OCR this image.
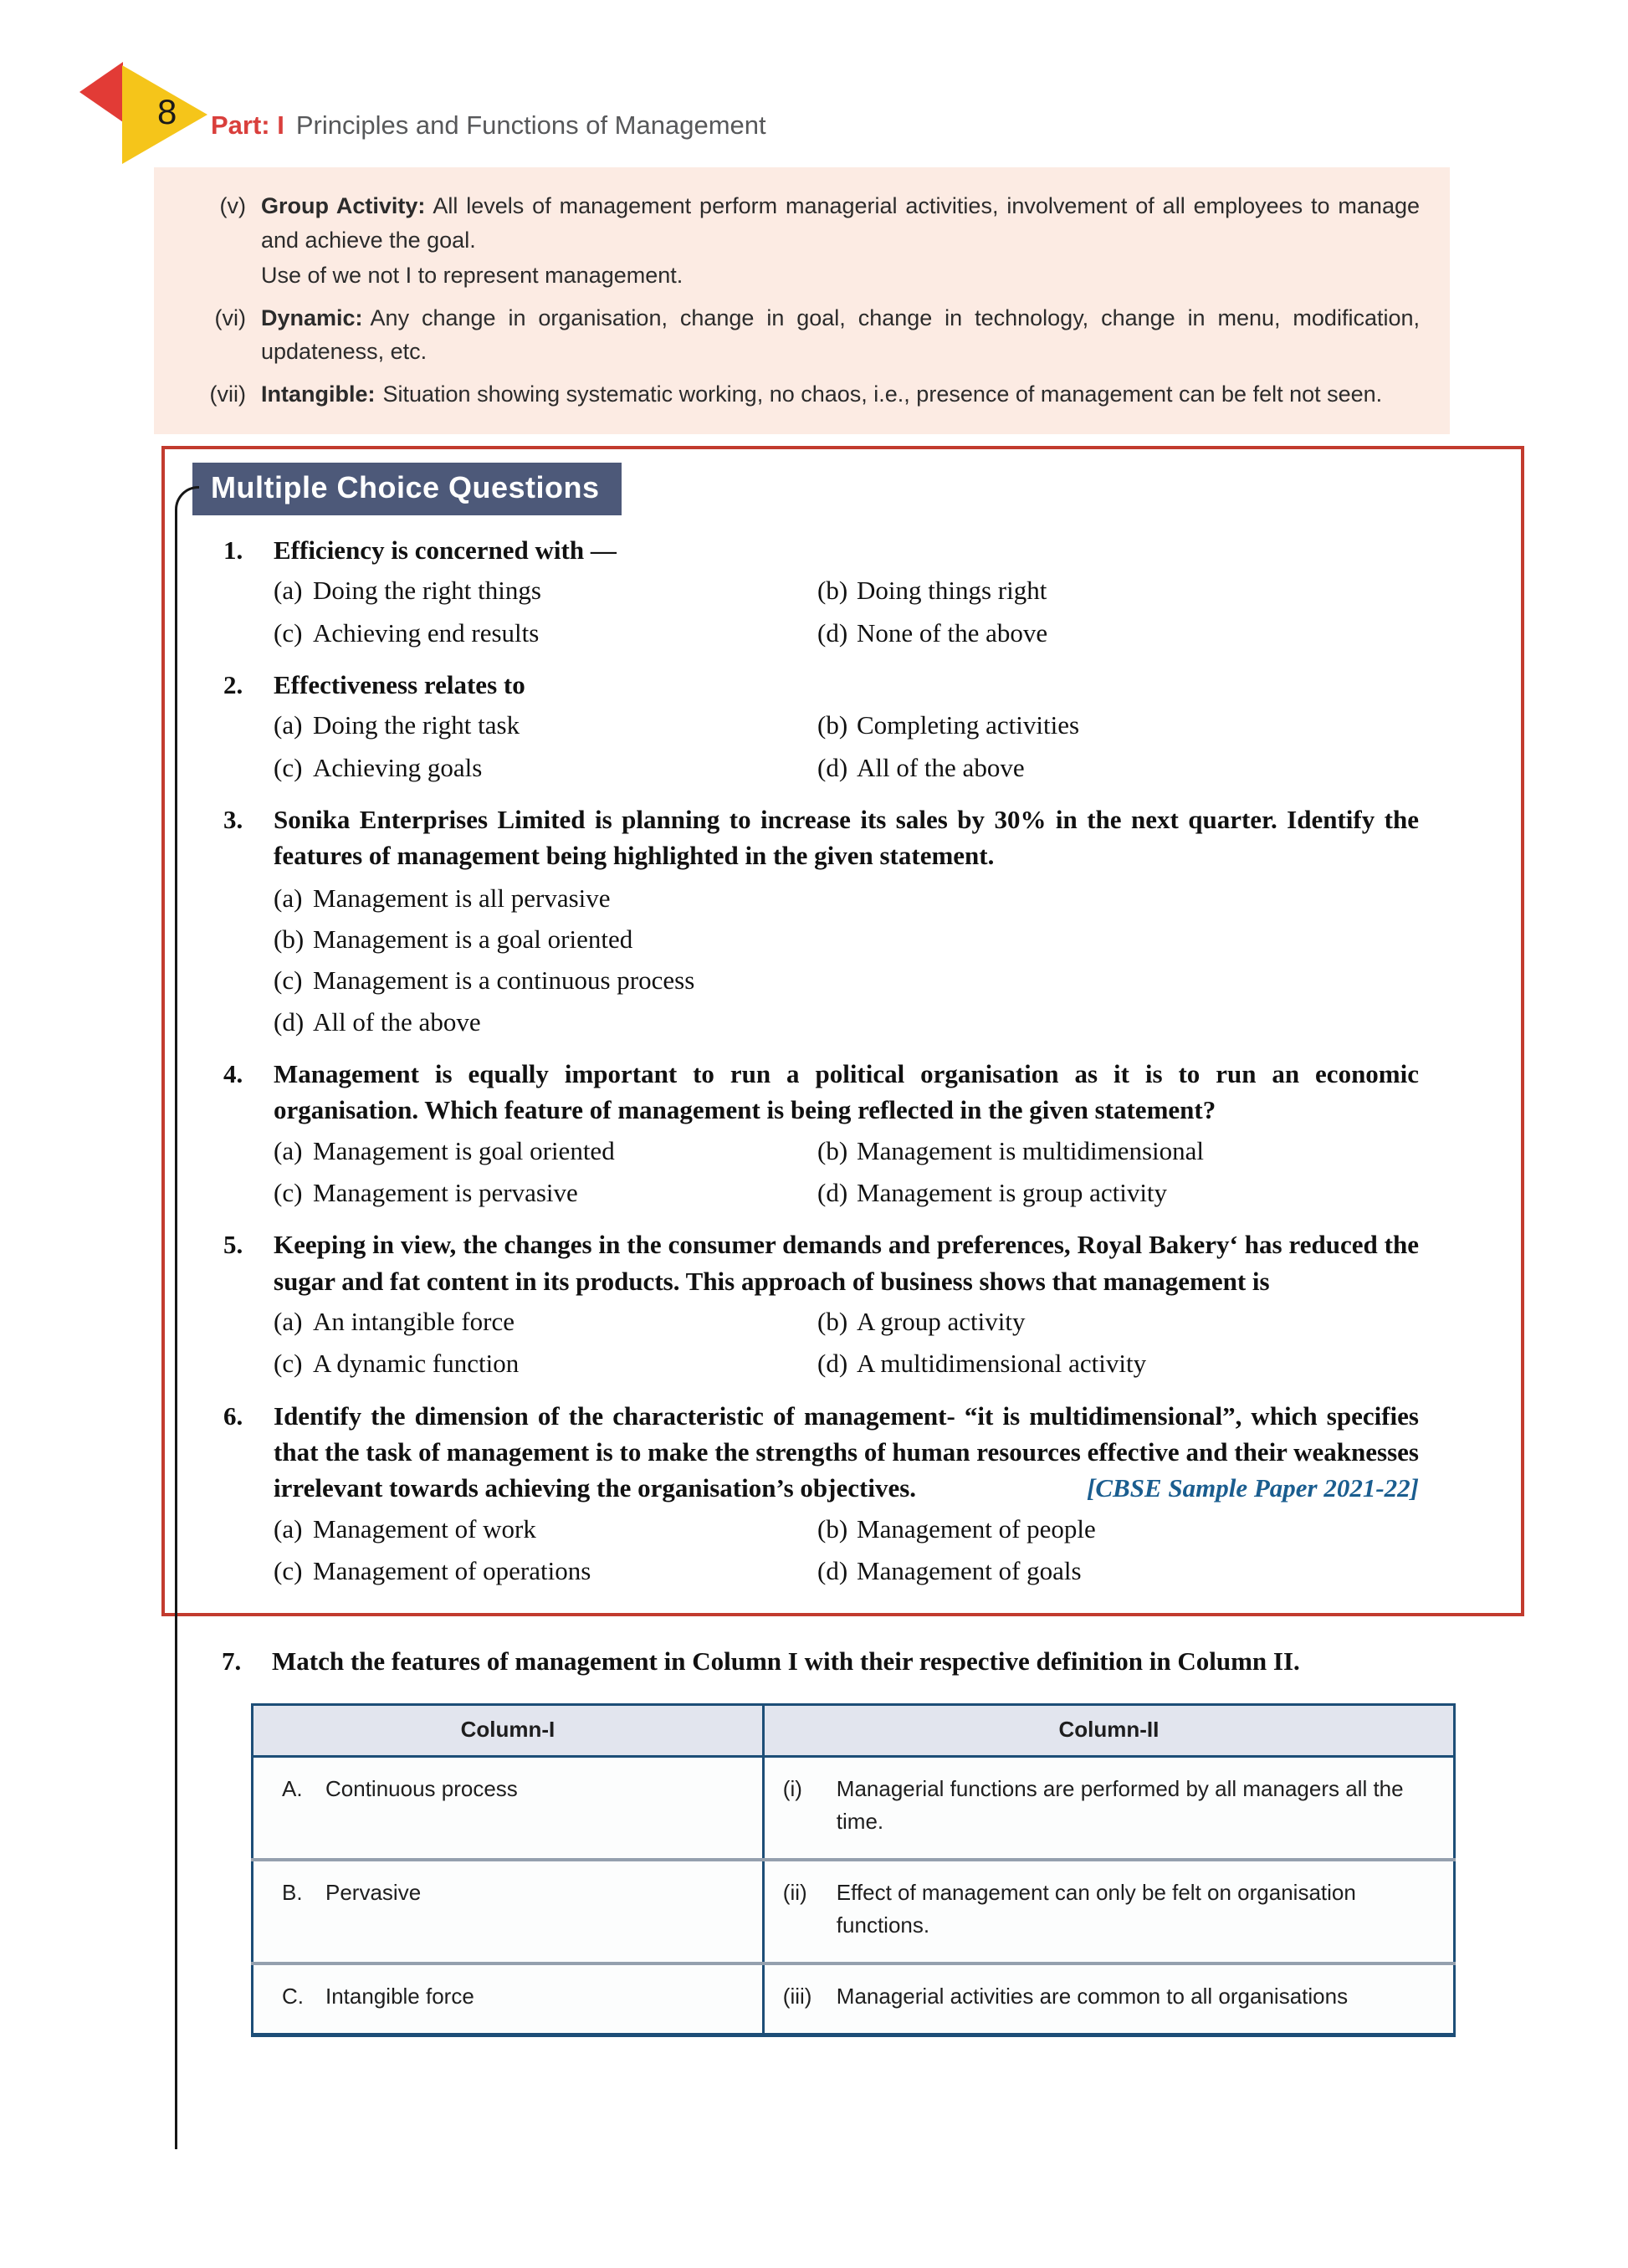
8 Part: I Principles and Functions of Management
(v) Group Activity: All levels of management perform managerial activities, involvement of all employees to manage and achieve the goal.
Use of we not I to represent management.
(vi) Dynamic: Any change in organisation, change in goal, change in technology, change in menu, modification, updateness, etc.
(vii) Intangible: Situation showing systematic working, no chaos, i.e., presence of management can be felt not seen.
Multiple Choice Questions
1.	Efficiency is concerned with —
(a) Doing the right things	(b) Doing things right
(c) Achieving end results	(d) None of the above
2.	Effectiveness relates to
(a) Doing the right task	(b) Completing activities
(c) Achieving goals	(d) All of the above
3.	Sonika Enterprises Limited is planning to increase its sales by 30% in the next quarter. Identify the features of management being highlighted in the given statement.
(a) Management is all pervasive
(b) Management is a goal oriented
(c) Management is a continuous process
(d) All of the above
4.	Management is equally important to run a political organisation as it is to run an economic organisation. Which feature of management is being reflected in the given statement?
(a) Management is goal oriented	(b) Management is multidimensional
(c) Management is pervasive	(d) Management is group activity
5.	Keeping in view, the changes in the consumer demands and preferences, Royal Bakery‘ has reduced the sugar and fat content in its products. This approach of business shows that management is
(a) An intangible force	(b) A group activity
(c) A dynamic function	(d) A multidimensional activity
6.	Identify the dimension of the characteristic of management- “it is multidimensional”, which specifies that the task of management is to make the strengths of human resources effective and their weaknesses irrelevant towards achieving the organisation’s objectives.	[CBSE Sample Paper 2021-22]
(a) Management of work	(b) Management of people
(c) Management of operations	(d) Management of goals
7.	Match the features of management in Column I with their respective definition in Column II.
Column-I	Column-II

A. Continuous process	(i) Managerial functions are performed by all managers all the time.

B. Pervasive	(ii) Effect of management can only be felt on organisation functions.

C. Intangible force	(iii) Managerial activities are common to all organisations
